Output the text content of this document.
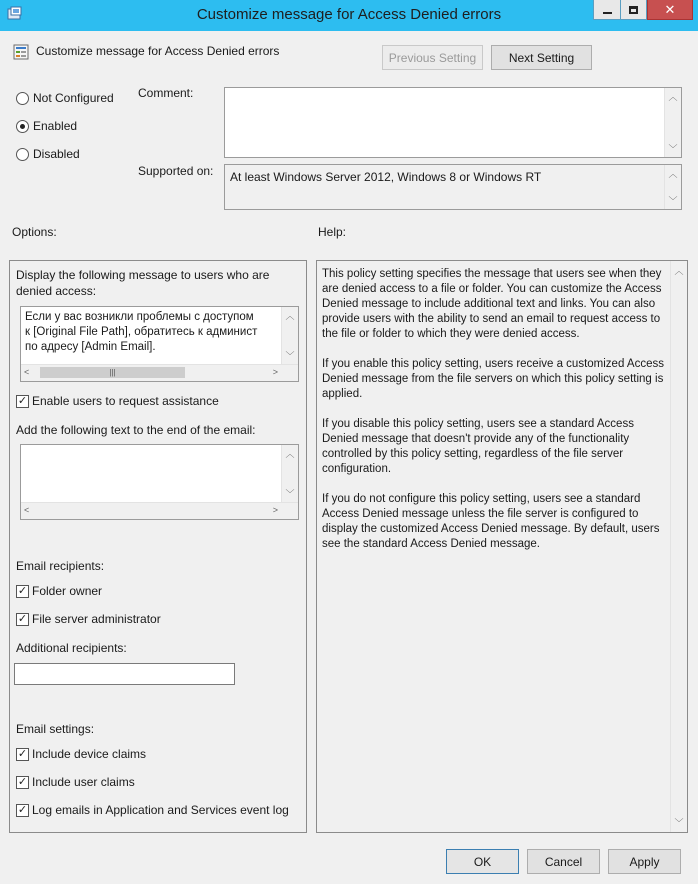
Customize message for Access Denied errors	✕
Customize message for Access Denied errors	Previous Setting	Next Setting
Not Configured
Enabled
Disabled
Comment:	︿
﹀
Supported on:	At least Windows Server 2012, Windows 8 or Windows RT	︿
﹀
Options:	Help:
Display the following message to users who are
denied access:
Если у вас возникли проблемы с доступом
к [Original File Path], обратитесь к админист
по адресу [Admin Email].
︿
﹀
<	|||	>
✓ Enable users to request assistance
Add the following text to the end of the email:
︿
﹀
<	>
Email recipients:
✓ Folder owner
✓ File server administrator
Additional recipients:
Email settings:
✓ Include device claims
✓ Include user claims
✓ Log emails in Application and Services event log

This policy setting specifies the message that users see when they are denied access to a file or folder. You can customize the Access Denied message to include additional text and links. You can also provide users with the ability to send an email to request access to the file or folder to which they were denied access.

If you enable this policy setting, users receive a customized Access Denied message from the file servers on which this policy setting is applied.

If you disable this policy setting, users see a standard Access Denied message that doesn't provide any of the functionality controlled by this policy setting, regardless of the file server configuration.

If you do not configure this policy setting, users see a standard Access Denied message unless the file server is configured to display the customized Access Denied message. By default, users see the standard Access Denied message.

︿
﹀
OK	Cancel	Apply
